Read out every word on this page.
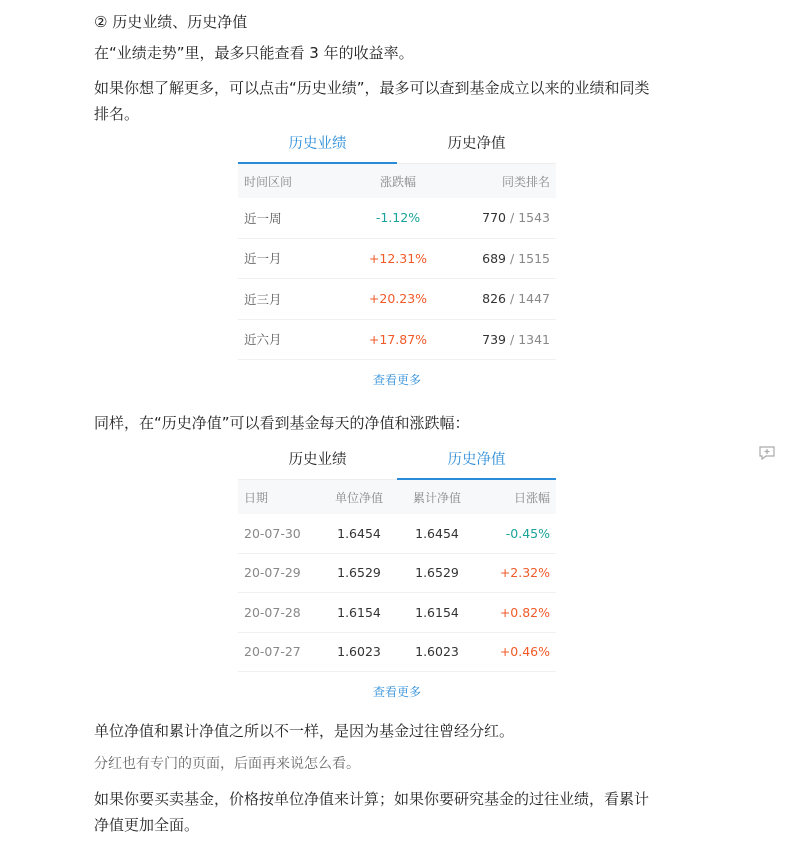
② 历史业绩、历史净值
在“业绩走势”里，最多只能查看 3 年的收益率。
如果你想了解更多，可以点击“历史业绩”，最多可以查到基金成立以来的业绩和同类
排名。
同样，在“历史净值”可以看到基金每天的净值和涨跌幅：
单位净值和累计净值之所以不一样，是因为基金过往曾经分红。
分红也有专门的页面，后面再来说怎么看。
如果你要买卖基金，价格按单位净值来计算；如果你要研究基金的过往业绩，看累计
净值更加全面。
历史业绩	历史净值
时间区间	涨跌幅	同类排名
近一周	-1.12%	770 / 1543
近一月	+12.31%	689 / 1515
近三月	+20.23%	826 / 1447
近六月	+17.87%	739 / 1341
查看更多
历史业绩	历史净值
日期	单位净值	累计净值	日涨幅
20-07-30	1.6454	1.6454	-0.45%
20-07-29	1.6529	1.6529	+2.32%
20-07-28	1.6154	1.6154	+0.82%
20-07-27	1.6023	1.6023	+0.46%
查看更多
